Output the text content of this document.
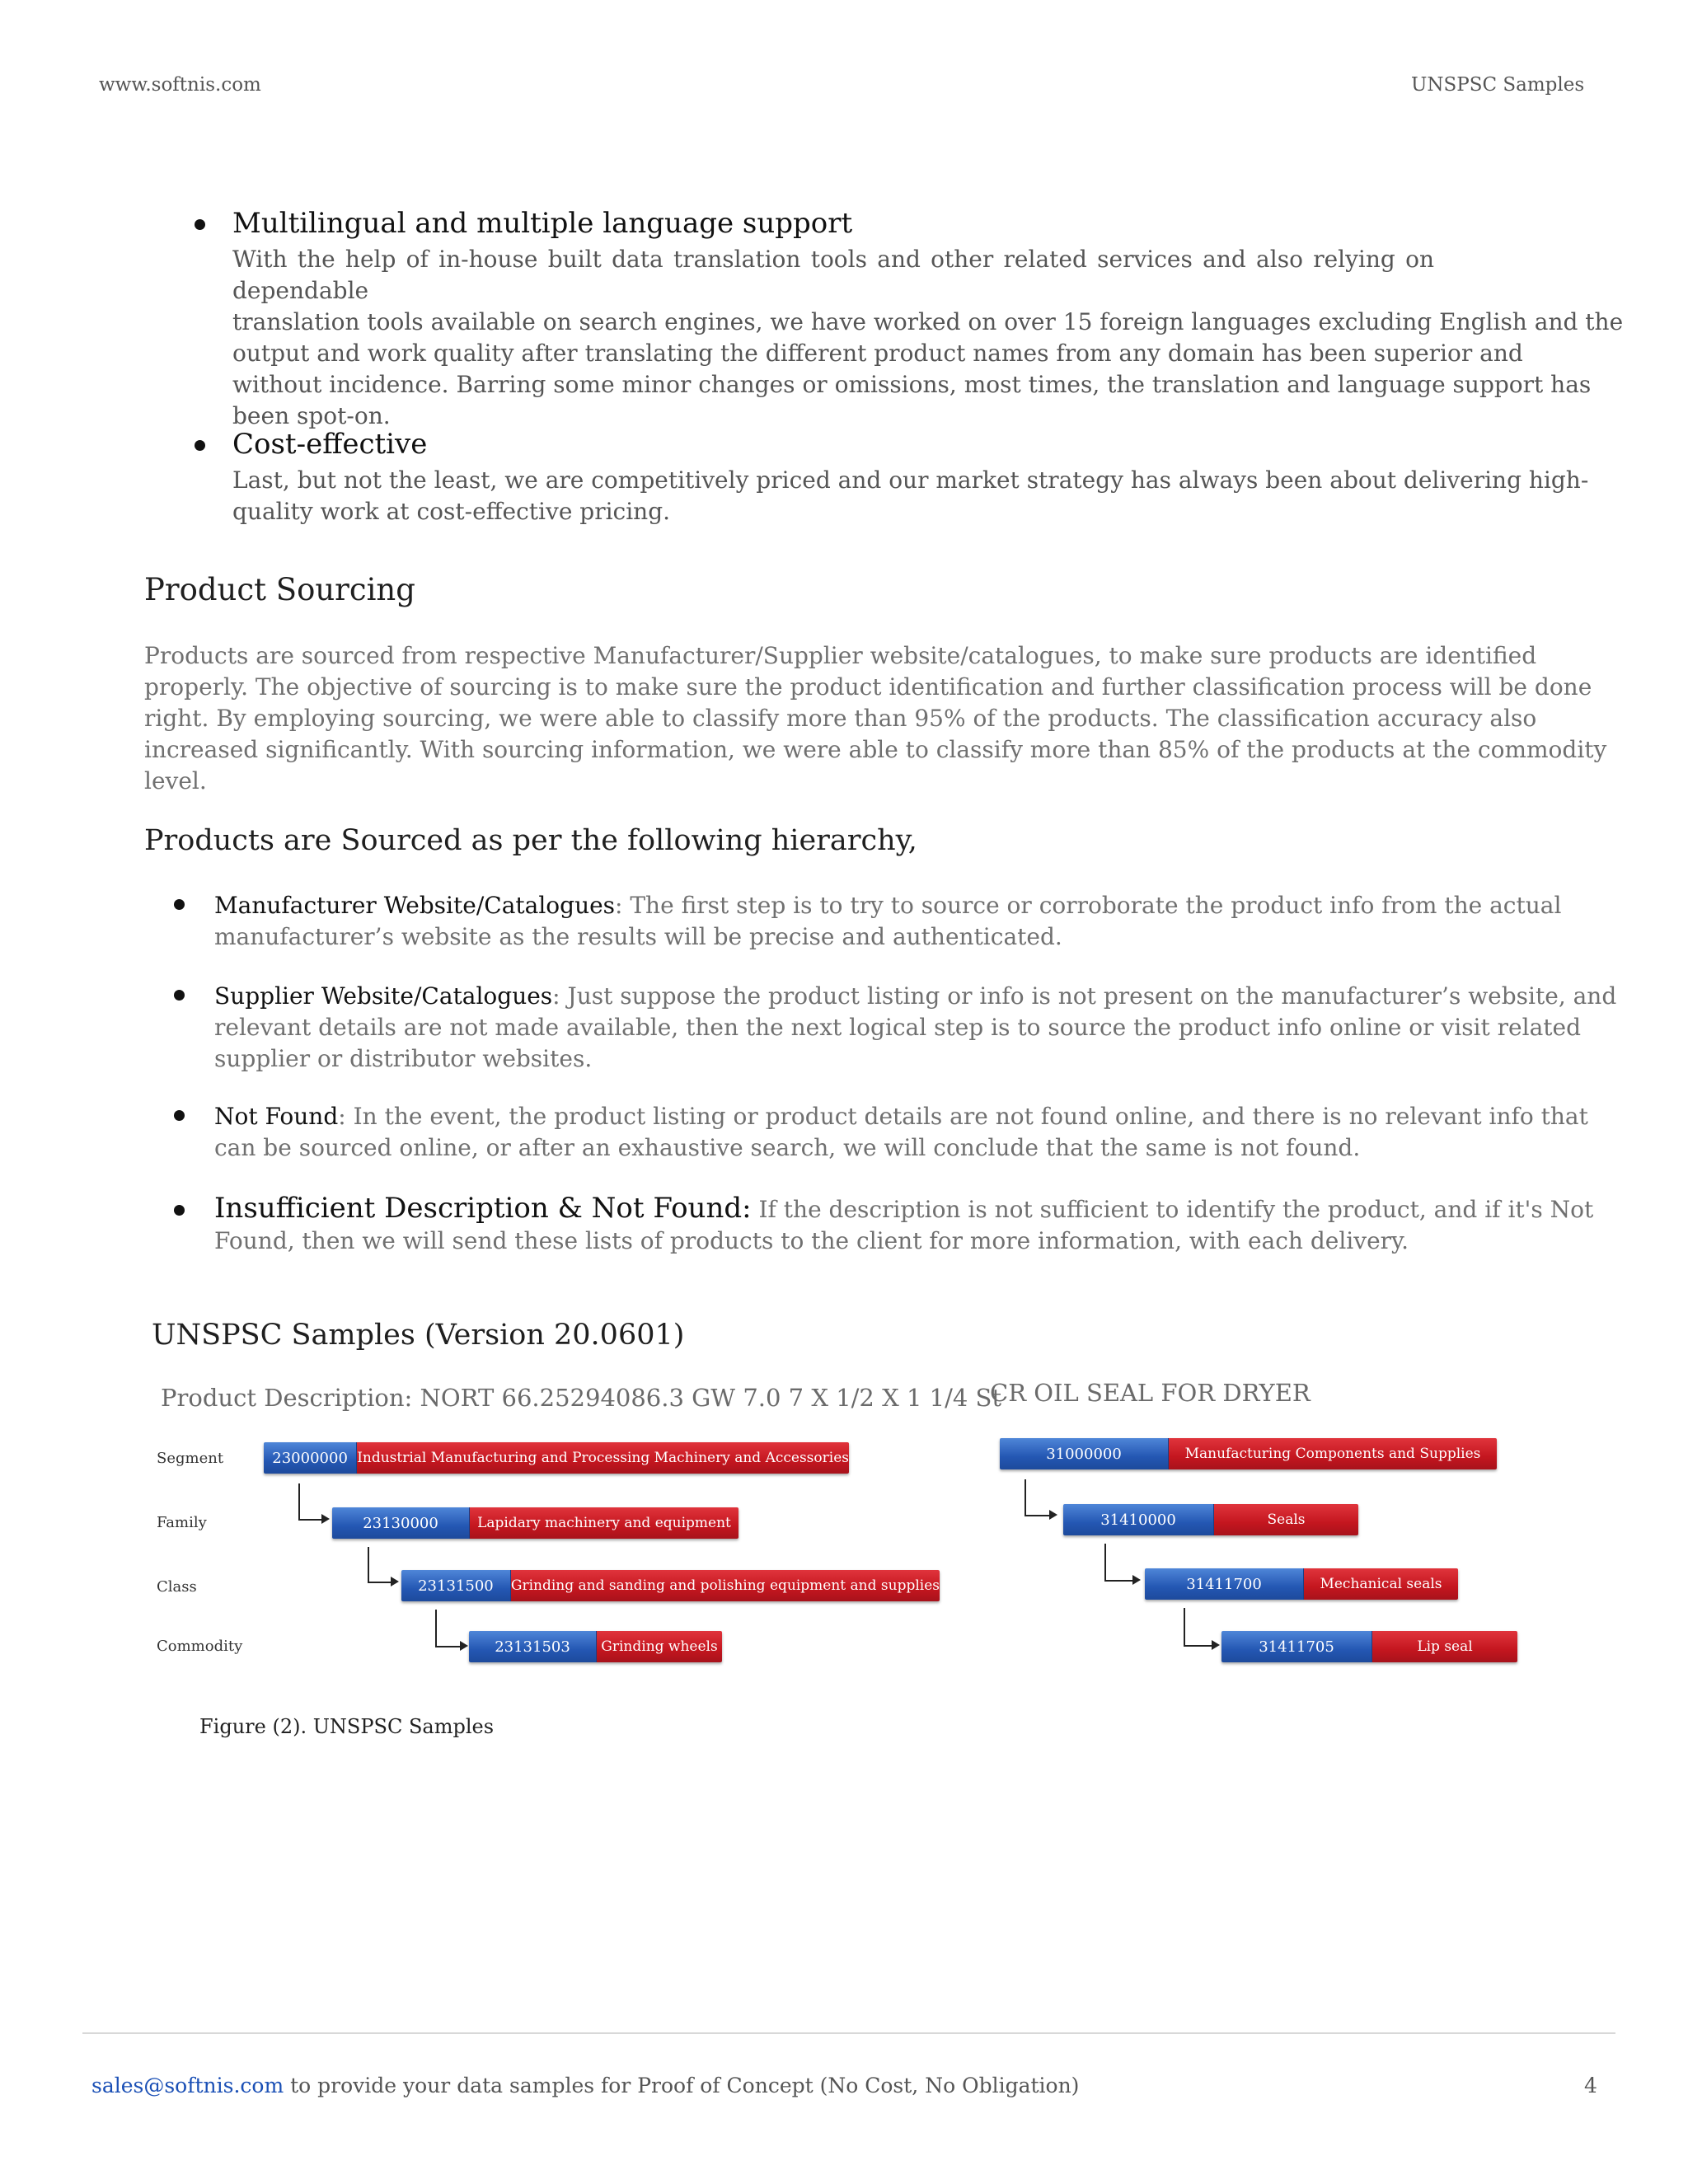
www.softnis.com	UNSPSC Samples
Multilingual and multiple language support
With the help of in-house built data translation tools and other related services and also relying on dependable
translation tools available on search engines, we have worked on over 15 foreign languages excluding English and the
output and work quality after translating the different product names from any domain has been superior and
without incidence. Barring some minor changes or omissions, most times, the translation and language support has
been spot-on.
Cost-effective
Last, but not the least, we are competitively priced and our market strategy has always been about delivering high-
quality work at cost-effective pricing.
Product Sourcing
Products are sourced from respective Manufacturer/Supplier website/catalogues, to make sure products are identified
properly. The objective of sourcing is to make sure the product identification and further classification process will be done
right. By employing sourcing, we were able to classify more than 95% of the products. The classification accuracy also
increased significantly. With sourcing information, we were able to classify more than 85% of the products at the commodity
level.
Products are Sourced as per the following hierarchy,
Manufacturer Website/Catalogues: The first step is to try to source or corroborate the product info from the actual
manufacturer’s website as the results will be precise and authenticated.
Supplier Website/Catalogues: Just suppose the product listing or info is not present on the manufacturer’s website, and
relevant details are not made available, then the next logical step is to source the product info online or visit related
supplier or distributor websites.
Not Found: In the event, the product listing or product details are not found online, and there is no relevant info that
can be sourced online, or after an exhaustive search, we will conclude that the same is not found.
Insufficient Description & Not Found: If the description is not sufficient to identify the product, and if it's Not
Found, then we will send these lists of products to the client for more information, with each delivery.
UNSPSC Samples (Version 20.0601)
Product Description: NORT 66.25294086.3 GW 7.0 7 X 1/2 X 1 1/4 St
CR OIL SEAL FOR DRYER
Segment
Family
Class
Commodity
23000000 Industrial Manufacturing and Processing Machinery and Accessories
23130000	Lapidary machinery and equipment
23131500	Grinding and sanding and polishing equipment and supplies
23131503	Grinding wheels
31000000	Manufacturing Components and Supplies
31410000	Seals
31411700	Mechanical seals
31411705	Lip seal
Figure (2). UNSPSC Samples
sales@softnis.com to provide your data samples for Proof of Concept (No Cost, No Obligation)	4
